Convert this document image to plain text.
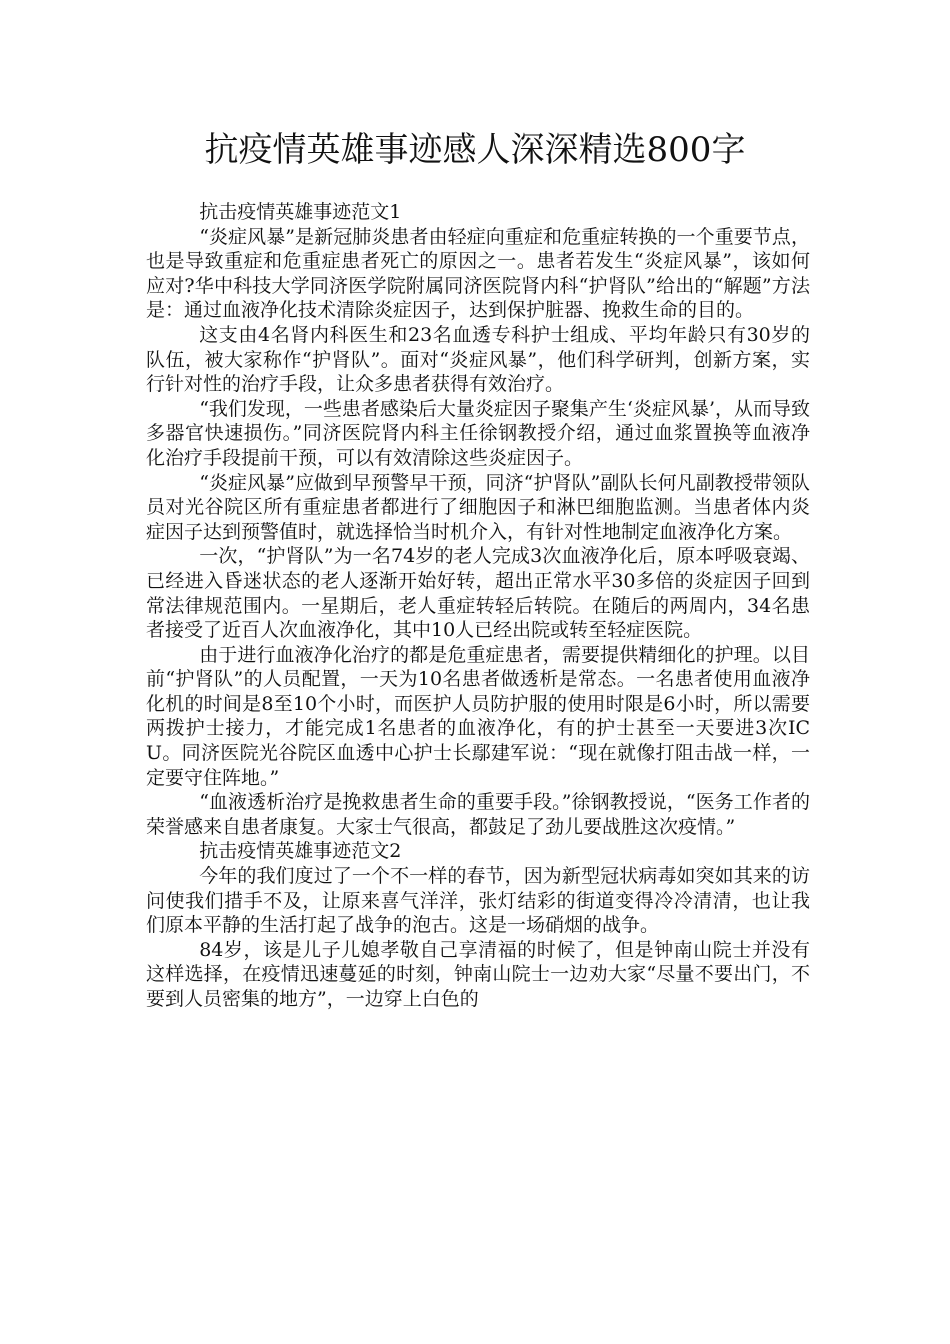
抗疫情英雄事迹感人深深精选800字

抗击疫情英雄事迹范文1

“炎症风暴”是新冠肺炎患者由轻症向重症和危重症转换的一个重要节点，也是导致重症和危重症患者死亡的原因之一。患者若发生“炎症风暴”，该如何应对?华中科技大学同济医学院附属同济医院肾内科“护肾队”给出的“解题”方法是：通过血液净化技术清除炎症因子，达到保护脏器、挽救生命的目的。

这支由4名肾内科医生和23名血透专科护士组成、平均年龄只有30岁的队伍，被大家称作“护肾队”。面对“炎症风暴”，他们科学研判，创新方案，实行针对性的治疗手段，让众多患者获得有效治疗。

“我们发现，一些患者感染后大量炎症因子聚集产生‘炎症风暴’，从而导致多器官快速损伤。”同济医院肾内科主任徐钢教授介绍，通过血浆置换等血液净化治疗手段提前干预，可以有效清除这些炎症因子。

“炎症风暴”应做到早预警早干预，同济“护肾队”副队长何凡副教授带领队员对光谷院区所有重症患者都进行了细胞因子和淋巴细胞监测。当患者体内炎症因子达到预警值时，就选择恰当时机介入，有针对性地制定血液净化方案。

一次，“护肾队”为一名74岁的老人完成3次血液净化后，原本呼吸衰竭、已经进入昏迷状态的老人逐渐开始好转，超出正常水平30多倍的炎症因子回到常法律规范围内。一星期后，老人重症转轻后转院。在随后的两周内，34名患者接受了近百人次血液净化，其中10人已经出院或转至轻症医院。

由于进行血液净化治疗的都是危重症患者，需要提供精细化的护理。以目前“护肾队”的人员配置，一天为10名患者做透析是常态。一名患者使用血液净化机的时间是8至10个小时，而医护人员防护服的使用时限是6小时，所以需要两拨护士接力，才能完成1名患者的血液净化，有的护士甚至一天要进3次ICU。同济医院光谷院区血透中心护士长鄢建军说：“现在就像打阻击战一样，一定要守住阵地。”

“血液透析治疗是挽救患者生命的重要手段。”徐钢教授说，“医务工作者的荣誉感来自患者康复。大家士气很高，都鼓足了劲儿要战胜这次疫情。”

抗击疫情英雄事迹范文2

今年的我们度过了一个不一样的春节，因为新型冠状病毒如突如其来的访问使我们措手不及，让原来喜气洋洋，张灯结彩的街道变得冷冷清清，也让我们原本平静的生活打起了战争的泡古。这是一场硝烟的战争。

84岁，该是儿子儿媳孝敬自己享清福的时候了，但是钟南山院士并没有这样选择，在疫情迅速蔓延的时刻，钟南山院士一边劝大家“尽量不要出门，不要到人员密集的地方”，一边穿上白色的
